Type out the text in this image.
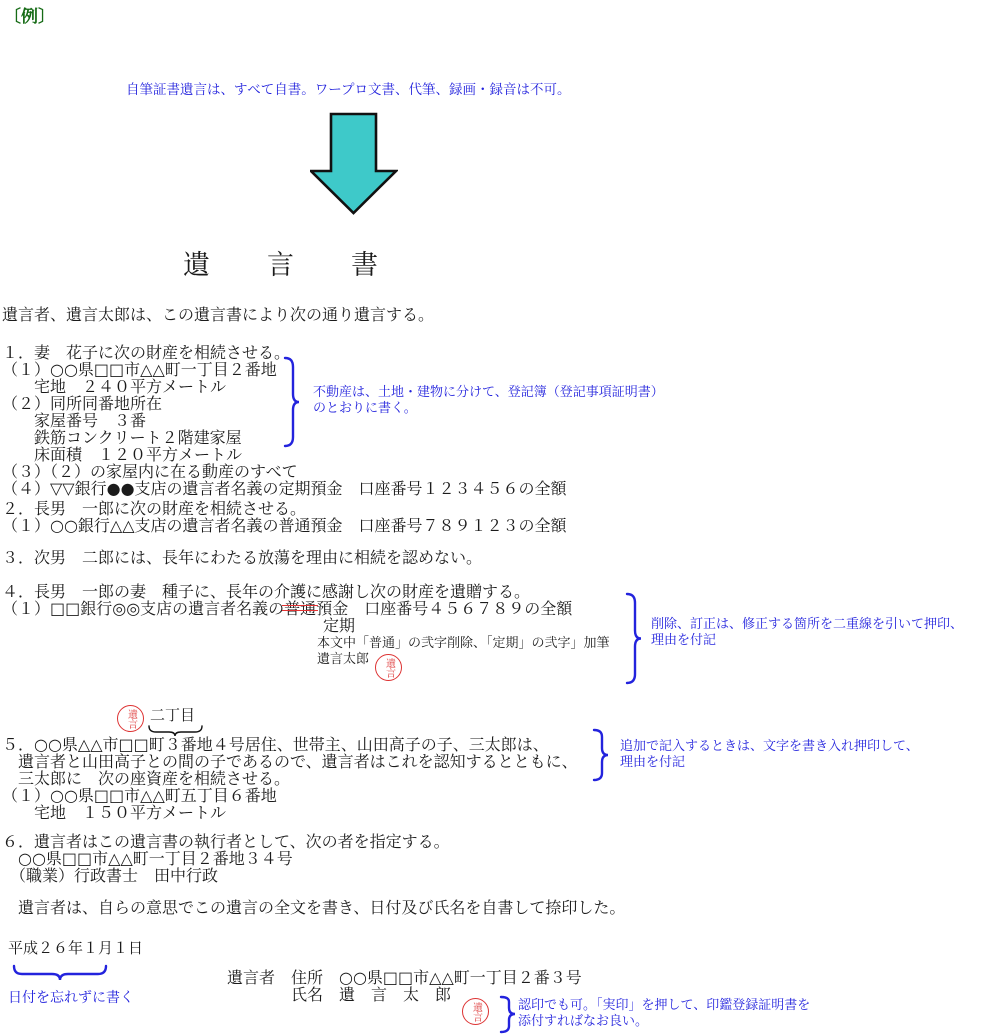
〔例〕
自筆証書遺言は、すべて自書。ワープロ文書、代筆、録画・録音は不可。
遺　　言　　書
遺言者、遺言太郎は、この遺言書により次の通り遺言する。
１．妻　花子に次の財産を相続させる。
（１）○○県□□市△△町一丁目２番地
　　宅地　２４０平方メートル
（２）同所同番地所在
　　家屋番号　３番
　　鉄筋コンクリート２階建家屋
　　床面積　１２０平方メートル
（３）（２）の家屋内に在る動産のすべて
（４）▽▽銀行●●支店の遺言者名義の定期預金　口座番号１２３４５６の全額
不動産は、土地・建物に分けて、登記簿（登記事項証明書）
のとおりに書く。
２．長男　一郎に次の財産を相続させる。
（１）○○銀行△△支店の遺言者名義の普通預金　口座番号７８９１２３の全額
３．次男　二郎には、長年にわたる放蕩を理由に相続を認めない。
４．長男　一郎の妻　種子に、長年の介護に感謝し次の財産を遺贈する。
（１）□□銀行◎◎支店の遺言者名義の普通預金　口座番号４５６７８９の全額
定期
本文中「普通」の弐字削除、「定期」の弐字」加筆
遺言太郎 遺言
削除、訂正は、修正する箇所を二重線を引いて押印、
理由を付記
遺言 二丁目
５．○○県△△市□□町３番地４号居住、世帯主、山田高子の子、三太郎は、
　遺言者と山田高子との間の子であるので、遺言者はこれを認知するとともに、
　三太郎に　次の座資産を相続させる。
（１）○○県□□市△△町五丁目６番地
　　宅地　１５０平方メートル
追加で記入するときは、文字を書き入れ押印して、
理由を付記
６．遺言者はこの遺言書の執行者として、次の者を指定する。
　○○県□□市△△町一丁目２番地３４号
　（職業）行政書士　田中行政
　遺言者は、自らの意思でこの遺言の全文を書き、日付及び氏名を自書して捺印した。
平成２６年１月１日
日付を忘れずに書く
遺言者　住所　○○県□□市△△町一丁目２番３号
　　　　氏名　遺　言　太　郎
遺言	認印でも可。「実印」を押して、印鑑登録証明書を
添付すればなお良い。
